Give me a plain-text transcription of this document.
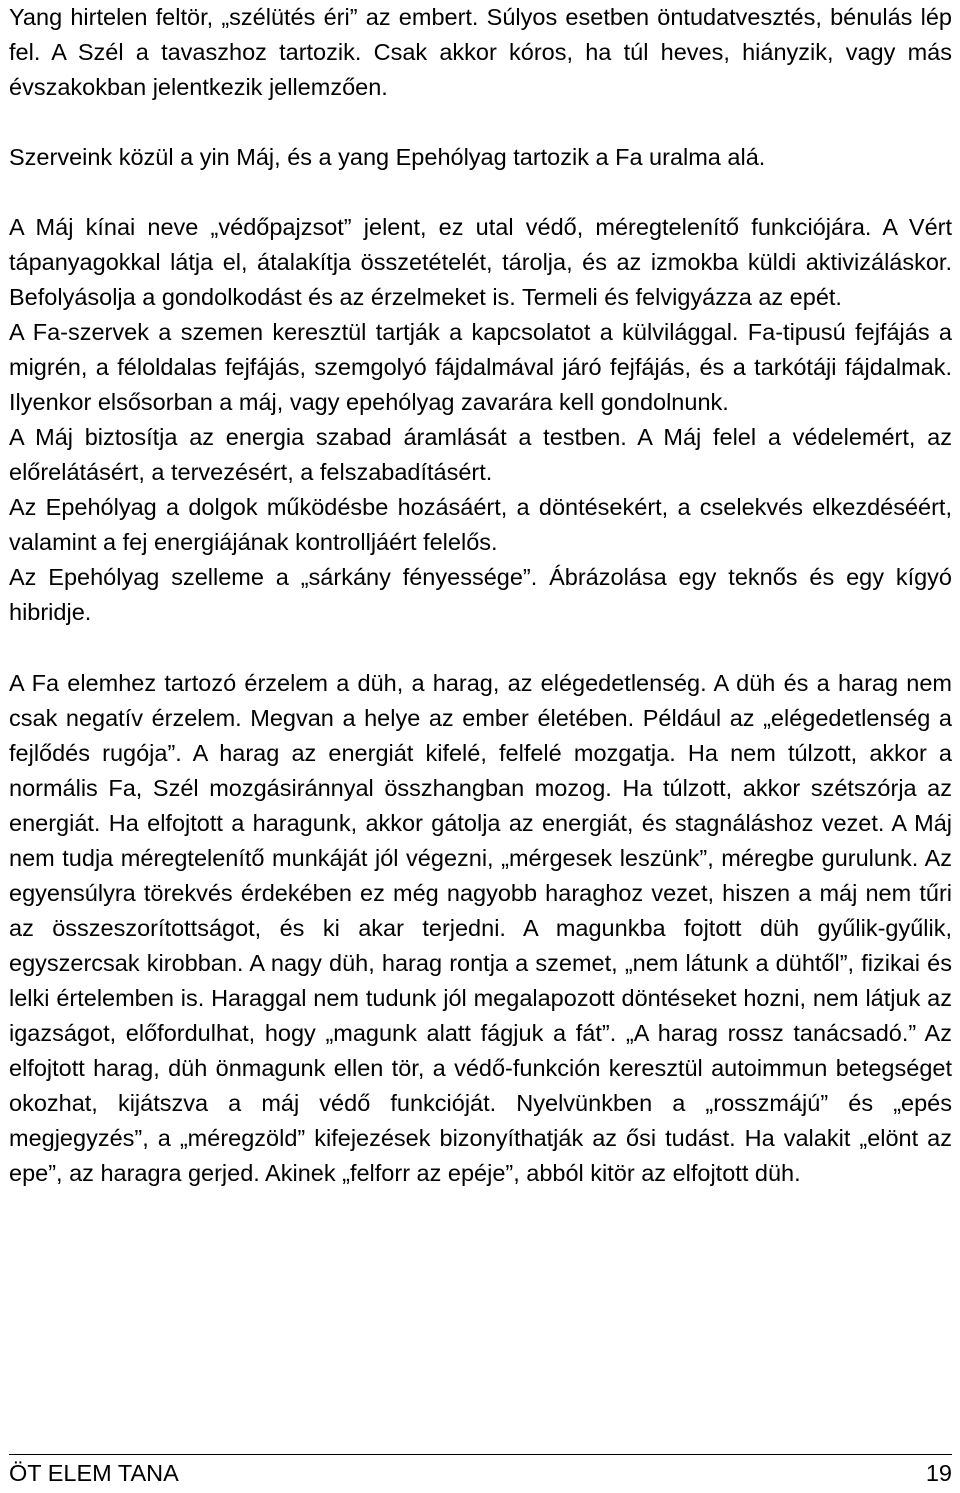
Yang hirtelen feltör, „szélütés éri” az embert. Súlyos esetben öntudatvesztés, bénulás lép fel. A Szél a tavaszhoz tartozik. Csak akkor kóros, ha túl heves, hiányzik, vagy más évszakokban jelentkezik jellemzően.

Szerveink közül a yin Máj, és a yang Epehólyag tartozik a Fa uralma alá.

A Máj kínai neve „védőpajzsot” jelent, ez utal védő, méregtelenítő funkciójára. A Vért tápanyagokkal látja el, átalakítja összetételét, tárolja, és az izmokba küldi aktivizáláskor. Befolyásolja a gondolkodást és az érzelmeket is. Termeli és felvigyázza az epét.

A Fa-szervek a szemen keresztül tartják a kapcsolatot a külvilággal. Fa-tipusú fejfájás a migrén, a féloldalas fejfájás, szemgolyó fájdalmával járó fejfájás, és a tarkótáji fájdalmak. Ilyenkor elsősorban a máj, vagy epehólyag zavarára kell gondolnunk.

A Máj biztosítja az energia szabad áramlását a testben. A Máj felel a védelemért, az előrelátásért, a tervezésért, a felszabadításért.

Az Epehólyag a dolgok működésbe hozásáért, a döntésekért, a cselekvés elkezdéséért, valamint a fej energiájának kontrolljáért felelős.

Az Epehólyag szelleme a „sárkány fényessége”. Ábrázolása egy teknős és egy kígyó hibridje.

A Fa elemhez tartozó érzelem a düh, a harag, az elégedetlenség. A düh és a harag nem csak negatív érzelem. Megvan a helye az ember életében. Például az „elégedetlenség a fejlődés rugója”. A harag az energiát kifelé, felfelé mozgatja. Ha nem túlzott, akkor a normális Fa, Szél mozgásiránnyal összhangban mozog. Ha túlzott, akkor szétszórja az energiát. Ha elfojtott a haragunk, akkor gátolja az energiát, és stagnáláshoz vezet. A Máj nem tudja méregtelenítő munkáját jól végezni, „mérgesek leszünk”, méregbe gurulunk. Az egyensúlyra törekvés érdekében ez még nagyobb haraghoz vezet, hiszen a máj nem tűri az összeszorítottságot, és ki akar terjedni. A magunkba fojtott düh gyűlik-gyűlik, egyszercsak kirobban. A nagy düh, harag rontja a szemet, „nem látunk a dühtől”, fizikai és lelki értelemben is. Haraggal nem tudunk jól megalapozott döntéseket hozni, nem látjuk az igazságot, előfordulhat, hogy „magunk alatt fágjuk a fát”. „A harag rossz tanácsadó.” Az elfojtott harag, düh önmagunk ellen tör, a védő-funkción keresztül autoimmun betegséget okozhat, kijátszva a máj védő funkcióját. Nyelvünkben a „rosszmájú” és „epés megjegyzés”, a „méregzöld” kifejezések bizonyíthatják az ősi tudást. Ha valakit „elönt az epe”, az haragra gerjed. Akinek „felforr az epéje”, abból kitör az elfojtott düh.

ÖT ELEM TANA	19
